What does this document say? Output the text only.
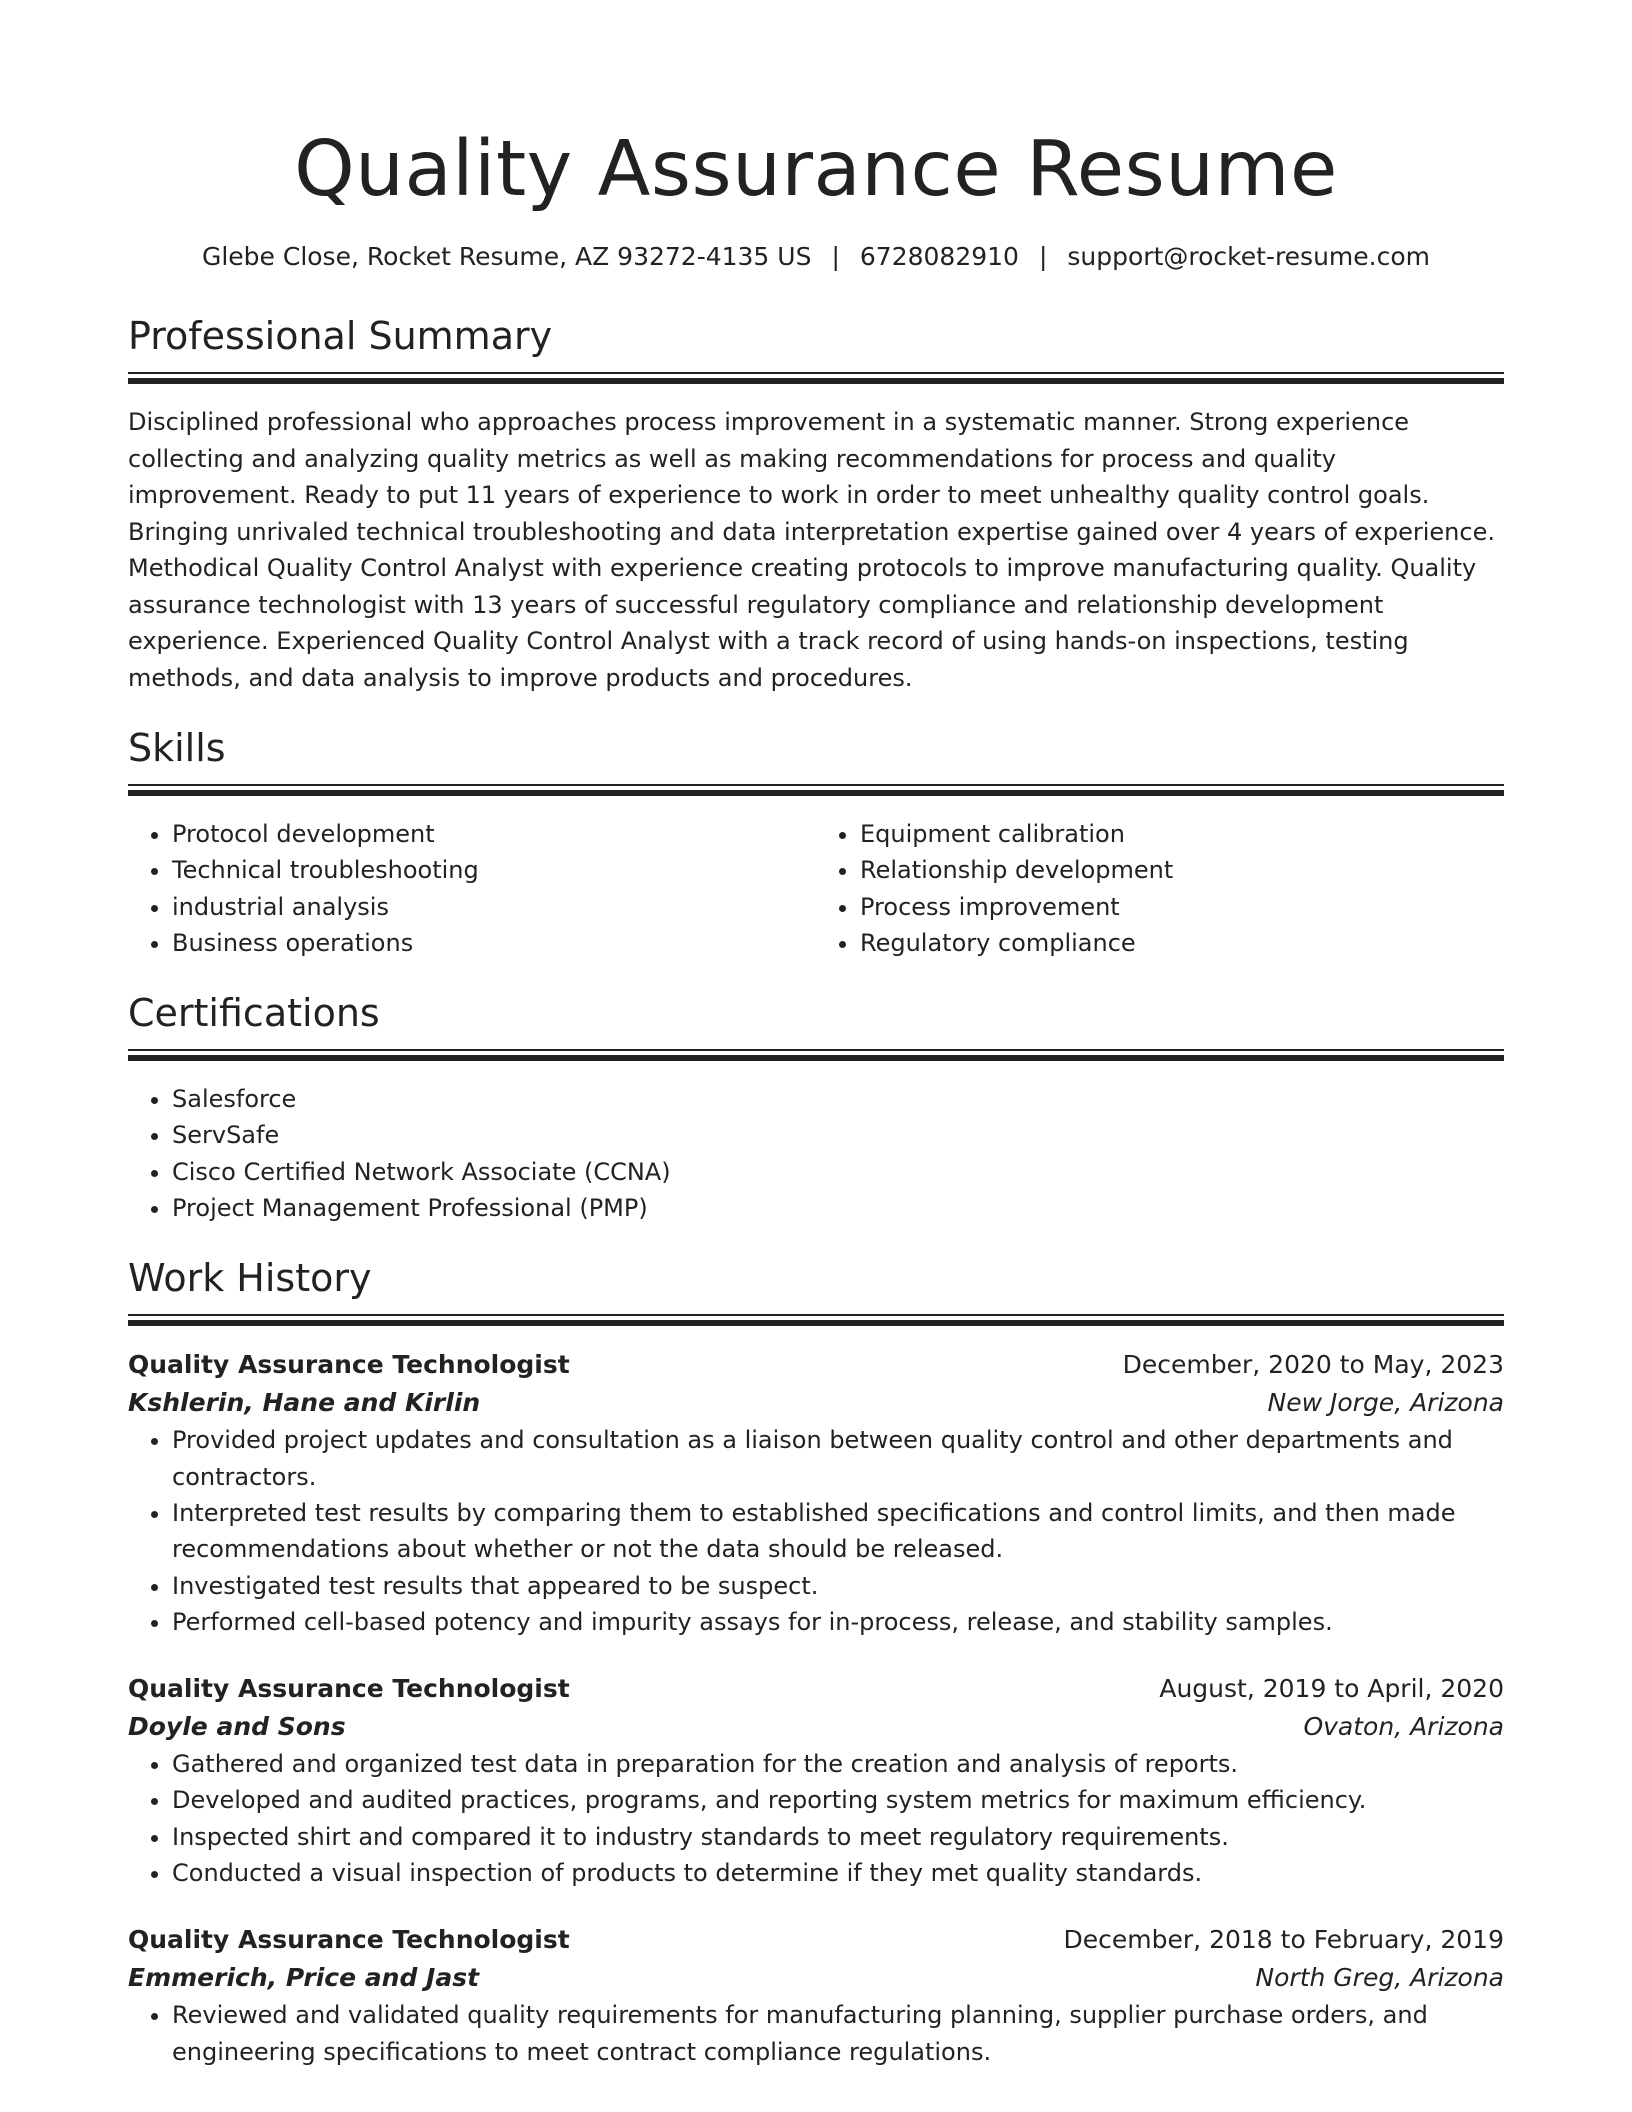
Quality Assurance Resume
Glebe Close, Rocket Resume, AZ 93272-4135 US | 6728082910 | support@rocket-resume.com
Professional Summary

Disciplined professional who approaches process improvement in a systematic manner. Strong experience collecting and analyzing quality metrics as well as making recommendations for process and quality improvement. Ready to put 11 years of experience to work in order to meet unhealthy quality control goals. Bringing unrivaled technical troubleshooting and data interpretation expertise gained over 4 years of experience. Methodical Quality Control Analyst with experience creating protocols to improve manufacturing quality. Quality assurance technologist with 13 years of successful regulatory compliance and relationship development experience. Experienced Quality Control Analyst with a track record of using hands-on inspections, testing methods, and data analysis to improve products and procedures.

Skills
• Protocol development
• Technical troubleshooting
• industrial analysis
• Business operations
• Equipment calibration
• Relationship development
• Process improvement
• Regulatory compliance
Certifications
• Salesforce
• ServSafe
• Cisco Certified Network Associate (CCNA)
• Project Management Professional (PMP)
Work History
Quality Assurance Technologist	December, 2020 to May, 2023
Kshlerin, Hane and Kirlin	New Jorge, Arizona
• Provided project updates and consultation as a liaison between quality control and other departments and contractors.
• Interpreted test results by comparing them to established specifications and control limits, and then made recommendations about whether or not the data should be released.
• Investigated test results that appeared to be suspect.
• Performed cell-based potency and impurity assays for in-process, release, and stability samples.
Quality Assurance Technologist	August, 2019 to April, 2020
Doyle and Sons	Ovaton, Arizona
• Gathered and organized test data in preparation for the creation and analysis of reports.
• Developed and audited practices, programs, and reporting system metrics for maximum efficiency.
• Inspected shirt and compared it to industry standards to meet regulatory requirements.
• Conducted a visual inspection of products to determine if they met quality standards.
Quality Assurance Technologist	December, 2018 to February, 2019
Emmerich, Price and Jast	North Greg, Arizona
• Reviewed and validated quality requirements for manufacturing planning, supplier purchase orders, and engineering specifications to meet contract compliance regulations.
